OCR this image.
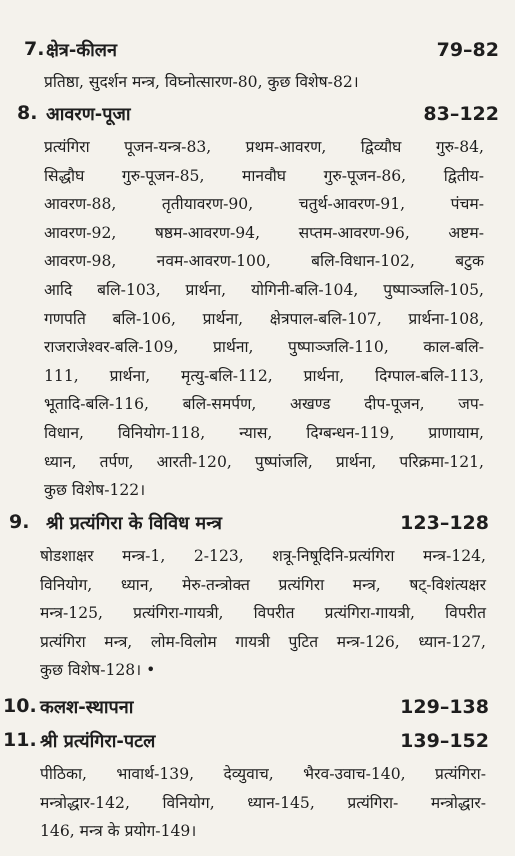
7. क्षेत्र-कीलन	79–82
प्रतिष्ठा, सुदर्शन मन्त्र, विघ्नोत्सारण-80, कुछ विशेष-82।
8. आवरण-पूजा	83–122
प्रत्यंगिरा पूजन-यन्त्र-83, प्रथम-आवरण, द्विव्यौघ गुरु-84,
सिद्धौघ गुरु-पूजन-85, मानवौघ गुरु-पूजन-86, द्वितीय-
आवरण-88, तृतीयावरण-90, चतुर्थ-आवरण-91, पंचम-
आवरण-92, षष्ठम-आवरण-94, सप्तम-आवरण-96, अष्टम-
आवरण-98, नवम-आवरण-100, बलि-विधान-102, बटुक
आदि बलि-103, प्रार्थना, योगिनी-बलि-104, पुष्पाञ्जलि-105,
गणपति बलि-106, प्रार्थना, क्षेत्रपाल-बलि-107, प्रार्थना-108,
राजराजेश्वर-बलि-109, प्रार्थना, पुष्पाञ्जलि-110, काल-बलि-
111, प्रार्थना, मृत्यु-बलि-112, प्रार्थना, दिग्पाल-बलि-113,
भूतादि-बलि-116, बलि-समर्पण, अखण्ड दीप-पूजन, जप-
विधान, विनियोग-118, न्यास, दिग्बन्धन-119, प्राणायाम,
ध्यान, तर्पण, आरती-120, पुष्पांजलि, प्रार्थना, परिक्रमा-121,
कुछ विशेष-122।
9. श्री प्रत्यंगिरा के विविध मन्त्र	123–128
षोडशाक्षर मन्त्र-1, 2-123, शत्रू-निषूदिनि-प्रत्यंगिरा मन्त्र-124,
विनियोग, ध्यान, मेरु-तन्त्रोक्त प्रत्यंगिरा मन्त्र, षट्-विशंत्यक्षर
मन्त्र-125, प्रत्यंगिरा-गायत्री, विपरीत प्रत्यंगिरा-गायत्री, विपरीत
प्रत्यंगिरा मन्त्र, लोम-विलोम गायत्री पुटित मन्त्र-126, ध्यान-127,
कुछ विशेष-128। •
10. कलश-स्थापना	129–138
11. श्री प्रत्यंगिरा-पटल	139–152
पीठिका, भावार्थ-139, देव्युवाच, भैरव-उवाच-140, प्रत्यंगिरा-
मन्त्रोद्धार-142, विनियोग, ध्यान-145, प्रत्यंगिरा- मन्त्रोद्धार-
146, मन्त्र के प्रयोग-149।
